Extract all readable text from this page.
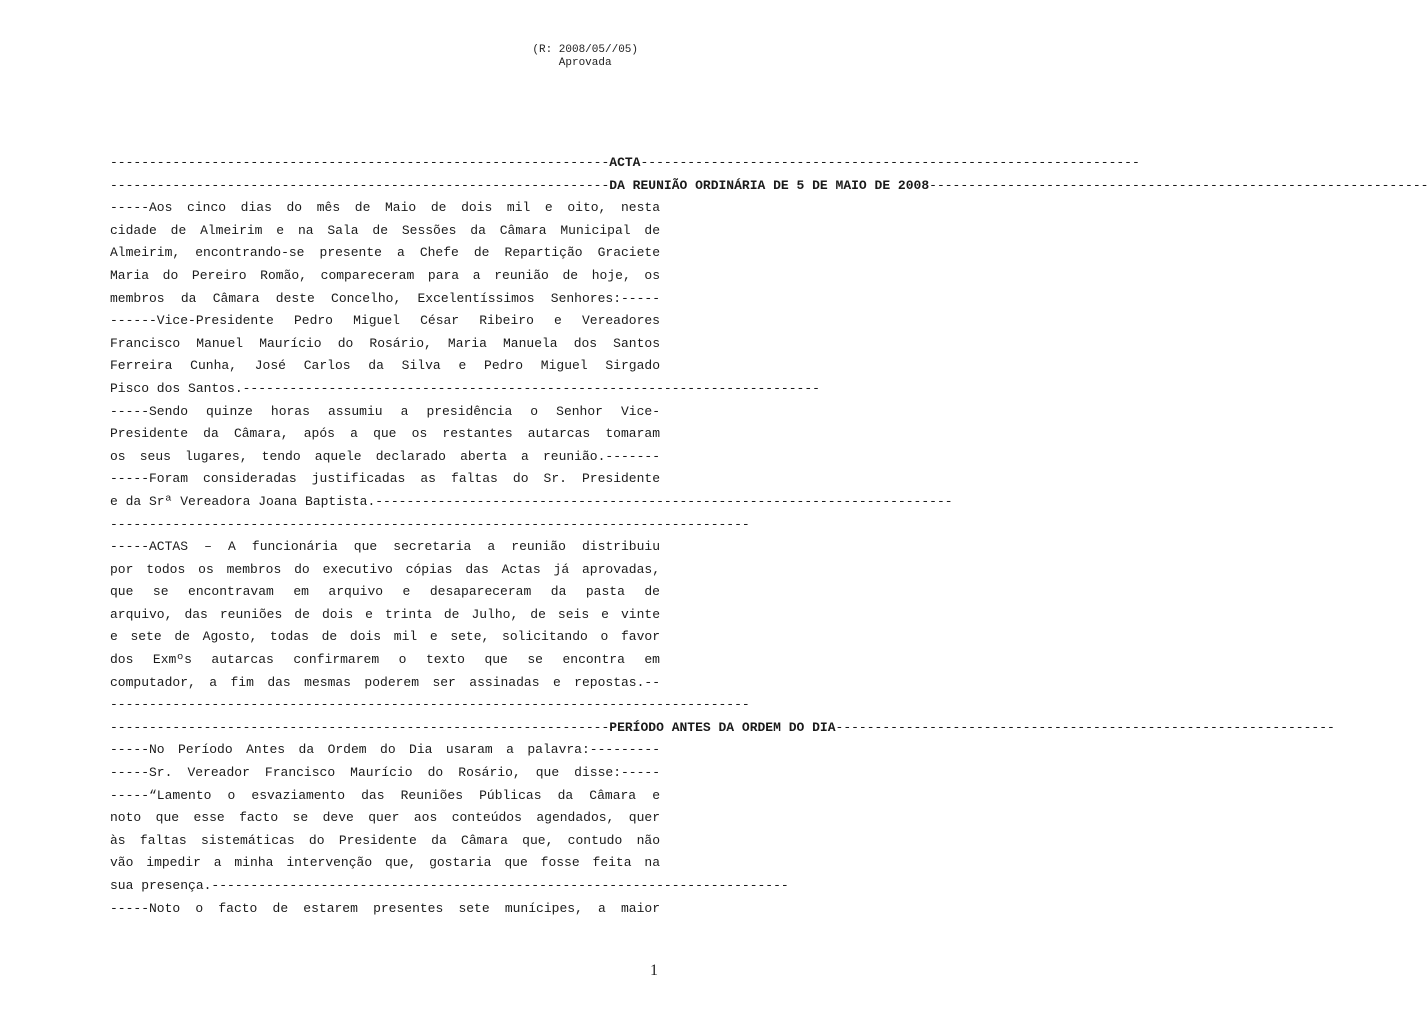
(R: 2008/05//05)
Aprovada
---------------------------------------------------------------- ACTA ----------------------------------------------------------------
---------------------------------------------------------------- DA REUNIÃO ORDINÁRIA DE 5 DE MAIO DE 2008 ----------------------------------------------------------------
-----Aos cinco dias do mês de Maio de dois mil e oito, nesta
cidade de Almeirim e na Sala de Sessões da Câmara Municipal de
Almeirim, encontrando-se presente a Chefe de Repartição Graciete
Maria do Pereiro Romão, compareceram para a reunião de hoje, os
membros da Câmara deste Concelho, Excelentíssimos Senhores:-----
------Vice-Presidente Pedro Miguel César Ribeiro e Vereadores
Francisco Manuel Maurício do Rosário, Maria Manuela dos Santos
Ferreira Cunha, José Carlos da Silva e Pedro Miguel Sirgado
Pisco dos Santos. --------------------------------------------------------------------------
-----Sendo quinze horas assumiu a presidência o Senhor Vice-
Presidente da Câmara, após a que os restantes autarcas tomaram
os seus lugares, tendo aquele declarado aberta a reunião.-------
-----Foram consideradas justificadas as faltas do Sr. Presidente
e da Srª Vereadora Joana Baptista. --------------------------------------------------------------------------
----------------------------------------------------------------------------------
-----ACTAS – A funcionária que secretaria a reunião distribuiu
por todos os membros do executivo cópias das Actas já aprovadas,
que se encontravam em arquivo e desapareceram da pasta de
arquivo, das reuniões de dois e trinta de Julho, de seis e vinte
e sete de Agosto, todas de dois mil e sete, solicitando o favor
dos Exmºs autarcas confirmarem o texto que se encontra em
computador, a fim das mesmas poderem ser assinadas e repostas.--
----------------------------------------------------------------------------------
---------------------------------------------------------------- PERÍODO ANTES DA ORDEM DO DIA ----------------------------------------------------------------
-----No Período Antes da Ordem do Dia usaram a palavra:---------
-----Sr. Vereador Francisco Maurício do Rosário, que disse:-----
-----“Lamento o esvaziamento das Reuniões Públicas da Câmara e
noto que esse facto se deve quer aos conteúdos agendados, quer
às faltas sistemáticas do Presidente da Câmara que, contudo não
vão impedir a minha intervenção que, gostaria que fosse feita na
sua presença. --------------------------------------------------------------------------
-----Noto o facto de estarem presentes sete munícipes, a maior
1
